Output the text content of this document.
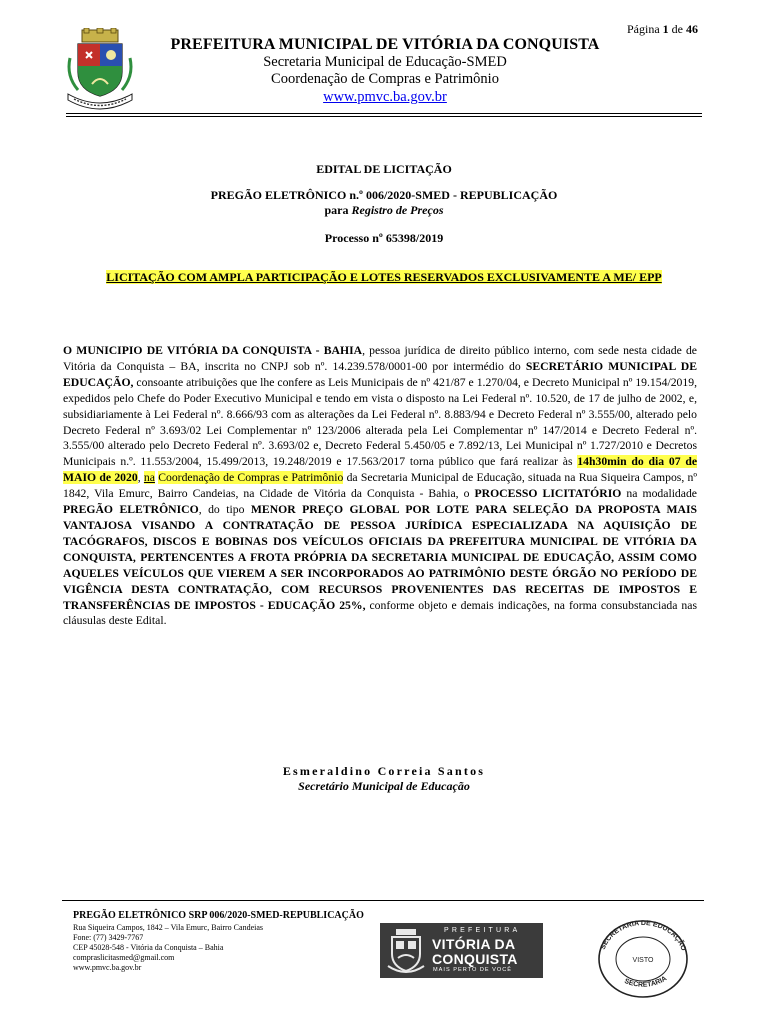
Página 1 de 46
PREFEITURA MUNICIPAL DE VITÓRIA DA CONQUISTA
Secretaria Municipal de Educação-SMED
Coordenação de Compras e Patrimônio
www.pmvc.ba.gov.br
EDITAL DE LICITAÇÃO
PREGÃO ELETRÔNICO n.º 006/2020-SMED - REPUBLICAÇÃO
para Registro de Preços
Processo nº 65398/2019
LICITAÇÃO COM AMPLA PARTICIPAÇÃO E LOTES RESERVADOS EXCLUSIVAMENTE A ME/ EPP
O MUNICIPIO DE VITÓRIA DA CONQUISTA - BAHIA, pessoa jurídica de direito público interno, com sede nesta cidade de Vitória da Conquista – BA, inscrita no CNPJ sob nº. 14.239.578/0001-00 por intermédio do SECRETÁRIO MUNICIPAL DE EDUCAÇÃO, consoante atribuições que lhe confere as Leis Municipais de nº 421/87 e 1.270/04, e Decreto Municipal nº 19.154/2019, expedidos pelo Chefe do Poder Executivo Municipal e tendo em vista o disposto na Lei Federal nº. 10.520, de 17 de julho de 2002, e, subsidiariamente à Lei Federal nº. 8.666/93 com as alterações da Lei Federal nº. 8.883/94 e Decreto Federal nº 3.555/00, alterado pelo Decreto Federal nº 3.693/02 Lei Complementar nº 123/2006 alterada pela Lei Complementar nº 147/2014 e Decreto Federal nº. 3.555/00 alterado pelo Decreto Federal nº. 3.693/02 e, Decreto Federal 5.450/05 e 7.892/13, Lei Municipal nº 1.727/2010 e Decretos Municipais n.º. 11.553/2004, 15.499/2013, 19.248/2019 e 17.563/2017 torna público que fará realizar às 14h30min do dia 07 de MAIO de 2020, na Coordenação de Compras e Patrimônio da Secretaria Municipal de Educação, situada na Rua Siqueira Campos, nº 1842, Vila Emurc, Bairro Candeias, na Cidade de Vitória da Conquista - Bahia, o PROCESSO LICITATÓRIO na modalidade PREGÃO ELETRÔNICO, do tipo MENOR PREÇO GLOBAL POR LOTE PARA SELEÇÃO DA PROPOSTA MAIS VANTAJOSA VISANDO A CONTRATAÇÃO DE PESSOA JURÍDICA ESPECIALIZADA NA AQUISIÇÃO DE TACÓGRAFOS, DISCOS E BOBINAS DOS VEÍCULOS OFICIAIS DA PREFEITURA MUNICIPAL DE VITÓRIA DA CONQUISTA, PERTENCENTES A FROTA PRÓPRIA DA SECRETARIA MUNICIPAL DE EDUCAÇÃO, ASSIM COMO AQUELES VEÍCULOS QUE VIEREM A SER INCORPORADOS AO PATRIMÔNIO DESTE ÓRGÃO NO PERÍODO DE VIGÊNCIA DESTA CONTRATAÇÃO, COM RECURSOS PROVENIENTES DAS RECEITAS DE IMPOSTOS E TRANSFERÊNCIAS DE IMPOSTOS - EDUCAÇÃO 25%, conforme objeto e demais indicações, na forma consubstanciada nas cláusulas deste Edital.
Esmeraldino Correia Santos
Secretário Municipal de Educação
PREGÃO ELETRÔNICO SRP 006/2020-SMED-REPUBLICAÇÃO
Rua Siqueira Campos, 1842 – Vila Emurc, Bairro Candeias
Fone: (77) 3429-7767
CEP 45028-548 - Vitória da Conquista – Bahia
compraslicitasmed@gmail.com
www.pmvc.ba.gov.br
PREFEITURA
VITÓRIA DA
CONQUISTA
MAIS PERTO DE VOCÊ
SECRETARIA DE EDUCAÇÃO
VISTO
SECRETARIA
